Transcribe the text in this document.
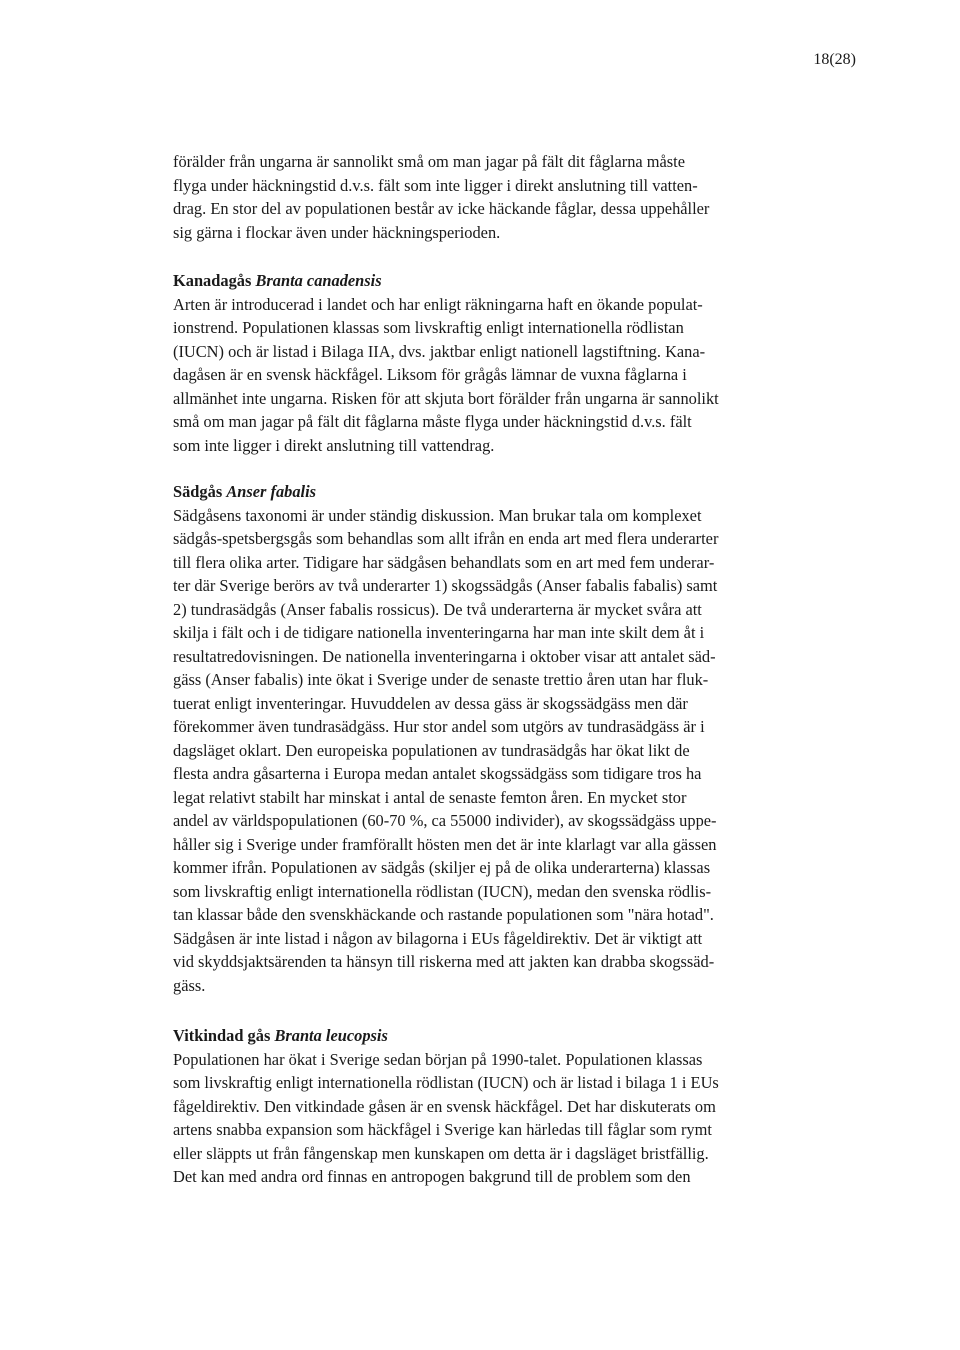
18(28)

förälder från ungarna är sannolikt små om man jagar på fält dit fåglarna måste
flyga under häckningstid d.v.s. fält som inte ligger i direkt anslutning till vatten-
drag. En stor del av populationen består av icke häckande fåglar, dessa uppehåller
sig gärna i flockar även under häckningsperioden.

Kanadagås Branta canadensis

Arten är introducerad i landet och har enligt räkningarna haft en ökande populat-
ionstrend. Populationen klassas som livskraftig enligt internationella rödlistan
(IUCN) och är listad i Bilaga IIA, dvs. jaktbar enligt nationell lagstiftning. Kana-
dagåsen är en svensk häckfågel. Liksom för grågås lämnar de vuxna fåglarna i
allmänhet inte ungarna. Risken för att skjuta bort förälder från ungarna är sannolikt
små om man jagar på fält dit fåglarna måste flyga under häckningstid d.v.s. fält
som inte ligger i direkt anslutning till vattendrag.

Sädgås Anser fabalis

Sädgåsens taxonomi är under ständig diskussion. Man brukar tala om komplexet
sädgås-spetsbergsgås som behandlas som allt ifrån en enda art med flera underarter
till flera olika arter. Tidigare har sädgåsen behandlats som en art med fem underar-
ter där Sverige berörs av två underarter 1) skogssädgås (Anser fabalis fabalis) samt
2) tundrasädgås (Anser fabalis rossicus). De två underarterna är mycket svåra att
skilja i fält och i de tidigare nationella inventeringarna har man inte skilt dem åt i
resultatredovisningen. De nationella inventeringarna i oktober visar att antalet säd-
gäss (Anser fabalis) inte ökat i Sverige under de senaste trettio åren utan har fluk-
tuerat enligt inventeringar. Huvuddelen av dessa gäss är skogssädgäss men där
förekommer även tundrasädgäss. Hur stor andel som utgörs av tundrasädgäss är i
dagsläget oklart. Den europeiska populationen av tundrasädgås har ökat likt de
flesta andra gåsarterna i Europa medan antalet skogssädgäss som tidigare tros ha
legat relativt stabilt har minskat i antal de senaste femton åren. En mycket stor
andel av världspopulationen (60-70 %, ca 55000 individer), av skogssädgäss uppe-
håller sig i Sverige under framförallt hösten men det är inte klarlagt var alla gässen
kommer ifrån. Populationen av sädgås (skiljer ej på de olika underarterna) klassas
som livskraftig enligt internationella rödlistan (IUCN), medan den svenska rödlis-
tan klassar både den svenskhäckande och rastande populationen som "nära hotad".
Sädgåsen är inte listad i någon av bilagorna i EUs fågeldirektiv. Det är viktigt att
vid skyddsjaktsärenden ta hänsyn till riskerna med att jakten kan drabba skogssäd-
gäss.

Vitkindad gås Branta leucopsis

Populationen har ökat i Sverige sedan början på 1990-talet. Populationen klassas
som livskraftig enligt internationella rödlistan (IUCN) och är listad i bilaga 1 i EUs
fågeldirektiv. Den vitkindade gåsen är en svensk häckfågel. Det har diskuterats om
artens snabba expansion som häckfågel i Sverige kan härledas till fåglar som rymt
eller släppts ut från fångenskap men kunskapen om detta är i dagsläget bristfällig.
Det kan med andra ord finnas en antropogen bakgrund till de problem som den
